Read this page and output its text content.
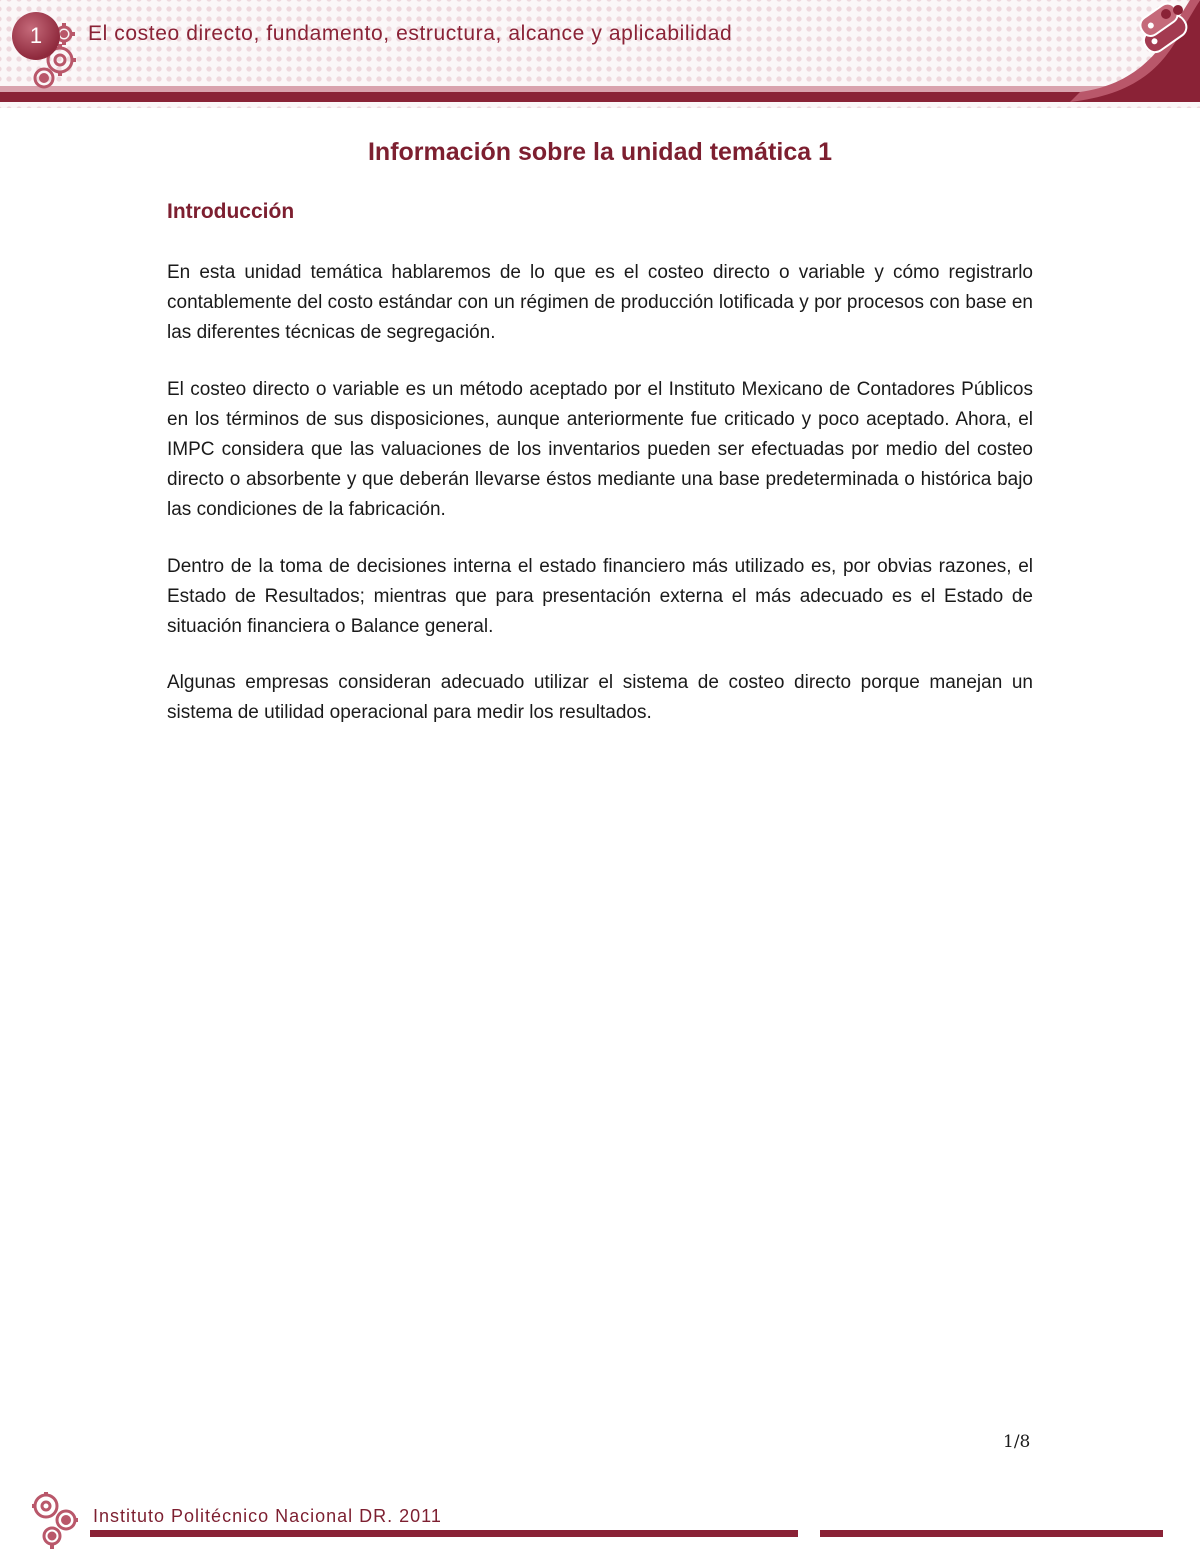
1	El costeo directo, fundamento, estructura, alcance y aplicabilidad
Información sobre la unidad temática 1
Introducción

En esta unidad temática hablaremos de lo que es el costeo directo o variable y cómo registrarlo contablemente del costo estándar con un régimen de producción lotificada y por procesos con base en las diferentes técnicas de segregación.

El costeo directo o variable es un método aceptado por el Instituto Mexicano de Contadores Públicos en los términos de sus disposiciones, aunque anteriormente fue criticado y poco aceptado. Ahora, el IMPC considera que las valuaciones de los inventarios pueden ser efectuadas por medio del costeo directo o absorbente y que deberán llevarse éstos mediante una base predeterminada o histórica bajo las condiciones de la fabricación.

Dentro de la toma de decisiones interna el estado financiero más utilizado es, por obvias razones, el Estado de Resultados; mientras que para presentación externa el más adecuado es el Estado de situación financiera o Balance general.

Algunas empresas consideran adecuado utilizar el sistema de costeo directo porque manejan un sistema de utilidad operacional para medir los resultados.

1/8
Instituto Politécnico Nacional DR. 2011
